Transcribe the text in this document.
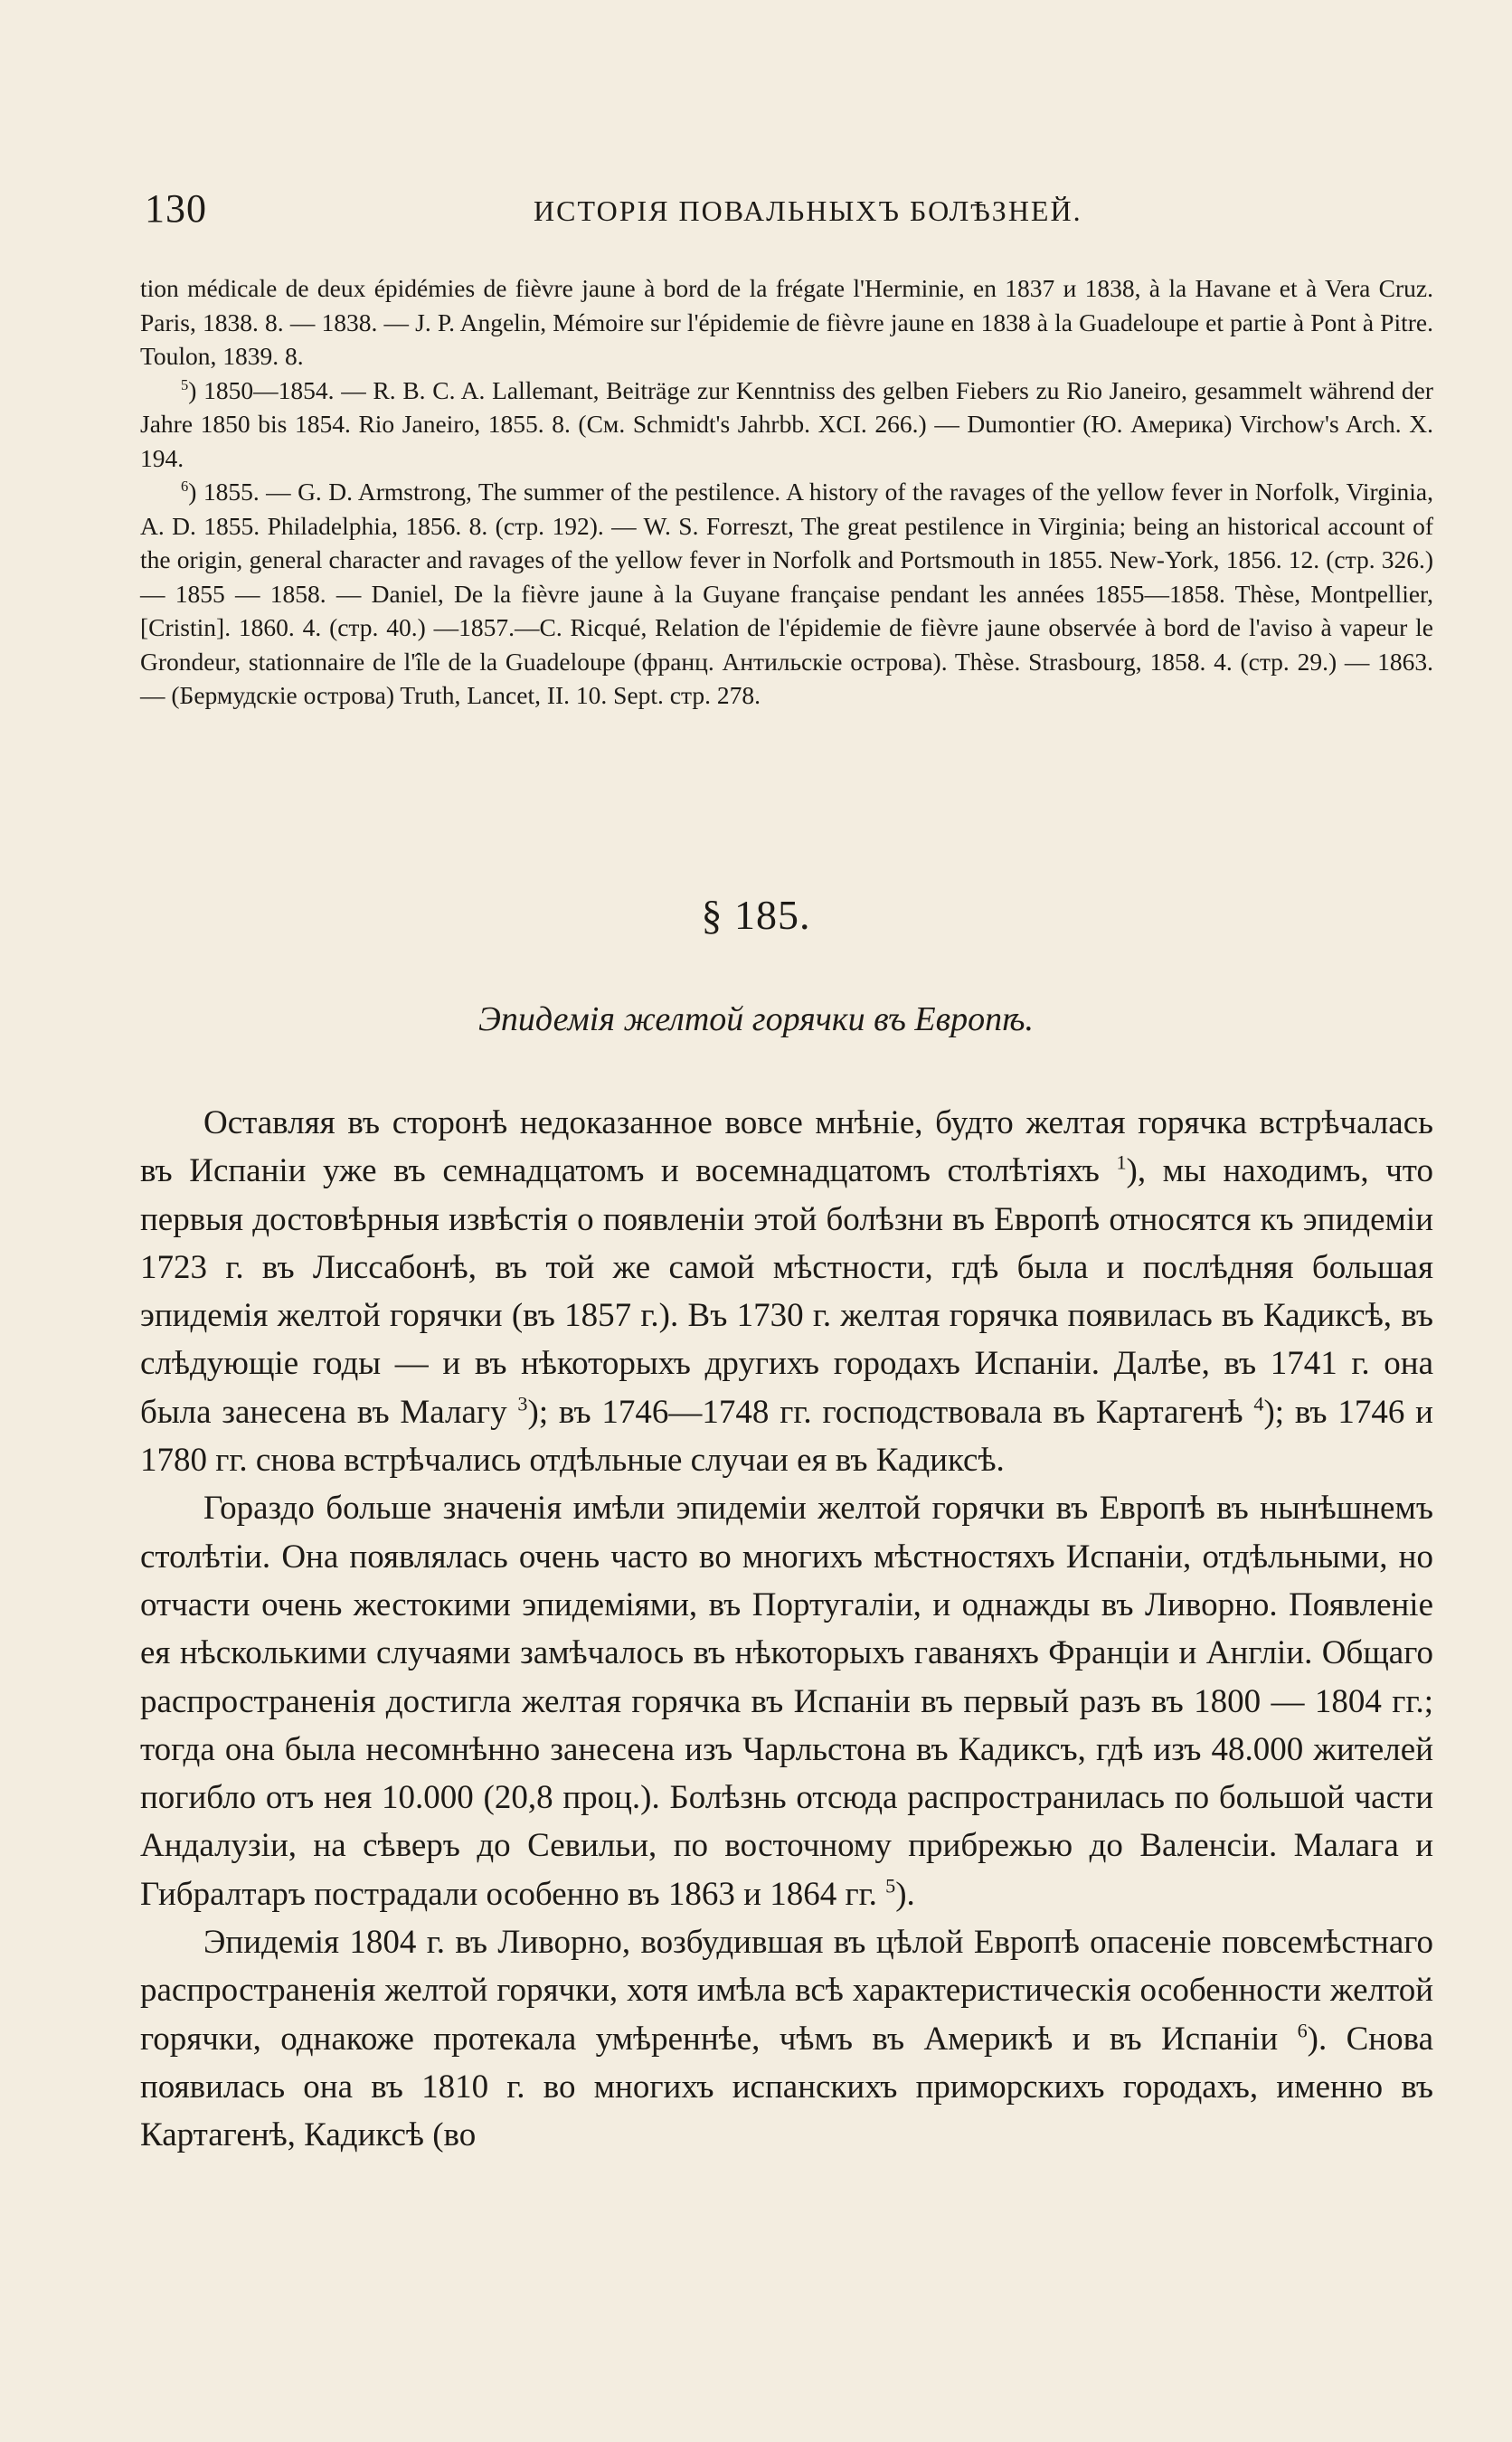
130	ИСТОРІЯ ПОВАЛЬНЫХЪ БОЛѢЗНЕЙ.

tion médicale de deux épidémies de fièvre jaune à bord de la frégate l'Herminie, en 1837 и 1838, à la Havane et à Vera Cruz. Paris, 1838. 8. — 1838. — J. P. Angelin, Mémoire sur l'épidemie de fièvre jaune en 1838 à la Guadeloupe et partie à Pont à Pitre. Toulon, 1839. 8.

$^5$) 1850—1854. — R. B. C. A. Lallemant, Beiträge zur Kenntniss des gelben Fiebers zu Rio Janeiro, gesammelt während der Jahre 1850 bis 1854. Rio Janeiro, 1855. 8. (См. Schmidt's Jahrbb. XCI. 266.) — Dumontier (Ю. Америка) Virchow's Arch. X. 194.

$^6$) 1855. — G. D. Armstrong, The summer of the pestilence. A history of the ravages of the yellow fever in Norfolk, Virginia, A. D. 1855. Philadelphia, 1856. 8. (стр. 192). — W. S. Forreszt, The great pestilence in Virginia; being an historical account of the origin, general character and ravages of the yellow fever in Norfolk and Portsmouth in 1855. New-York, 1856. 12. (стр. 326.) — 1855 — 1858. — Daniel, De la fièvre jaune à la Guyane française pendant les années 1855—1858. Thèse, Montpellier, [Cristin]. 1860. 4. (стр. 40.) —1857.—C. Ricqué, Relation de l'épidemie de fièvre jaune observée à bord de l'aviso à vapeur le Grondeur, stationnaire de l'île de la Guadeloupe (франц. Антильскіе острова). Thèse. Strasbourg, 1858. 4. (стр. 29.) — 1863. — (Бермудскіе острова) Truth, Lancet, II. 10. Sept. стр. 278.

§ 185.
Эпидемія желтой горячки въ Европѣ.

Оставляя въ сторонѣ недоказанное вовсе мнѣніе, будто желтая горячка встрѣчалась въ Испаніи уже въ семнадцатомъ и восемнадцатомъ столѣтіяхъ $^1$), мы находимъ, что первыя достовѣрныя извѣстія о появленіи этой болѣзни въ Европѣ относятся къ эпидеміи 1723 г. въ Лиссабонѣ, въ той же самой мѣстности, гдѣ была и послѣдняя большая эпидемія желтой горячки (въ 1857 г.). Въ 1730 г. желтая горячка появилась въ Кадиксѣ, въ слѣдующіе годы — и въ нѣкоторыхъ другихъ городахъ Испаніи. Далѣе, въ 1741 г. она была занесена въ Малагу $^3$); въ 1746—1748 гг. господствовала въ Картагенѣ $^4$); въ 1746 и 1780 гг. снова встрѣчались отдѣльные случаи ея въ Кадиксѣ.

Гораздо больше значенія имѣли эпидеміи желтой горячки въ Европѣ въ нынѣшнемъ столѣтіи. Она появлялась очень часто во многихъ мѣстностяхъ Испаніи, отдѣльными, но отчасти очень жестокими эпидеміями, въ Португаліи, и однажды въ Ливорно. Появленіе ея нѣсколькими случаями замѣчалось въ нѣкоторыхъ гаваняхъ Франціи и Англіи. Общаго распространенія достигла желтая горячка въ Испаніи въ первый разъ въ 1800 — 1804 гг.; тогда она была несомнѣнно занесена изъ Чарльстона въ Кадиксъ, гдѣ изъ 48.000 жителей погибло отъ нея 10.000 (20,8 проц.). Болѣзнь отсюда распространилась по большой части Андалузіи, на сѣверъ до Севильи, по восточному прибрежью до Валенсіи. Малага и Гибралтаръ пострадали особенно въ 1863 и 1864 гг. $^5$).

Эпидемія 1804 г. въ Ливорно, возбудившая въ цѣлой Европѣ опасеніе повсемѣстнаго распространенія желтой горячки, хотя имѣла всѣ характеристическія особенности желтой горячки, однакоже протекала умѣреннѣе, чѣмъ въ Америкѣ и въ Испаніи $^6$). Снова появилась она въ 1810 г. во многихъ испанскихъ приморскихъ городахъ, именно въ Картагенѣ, Кадиксѣ (во
